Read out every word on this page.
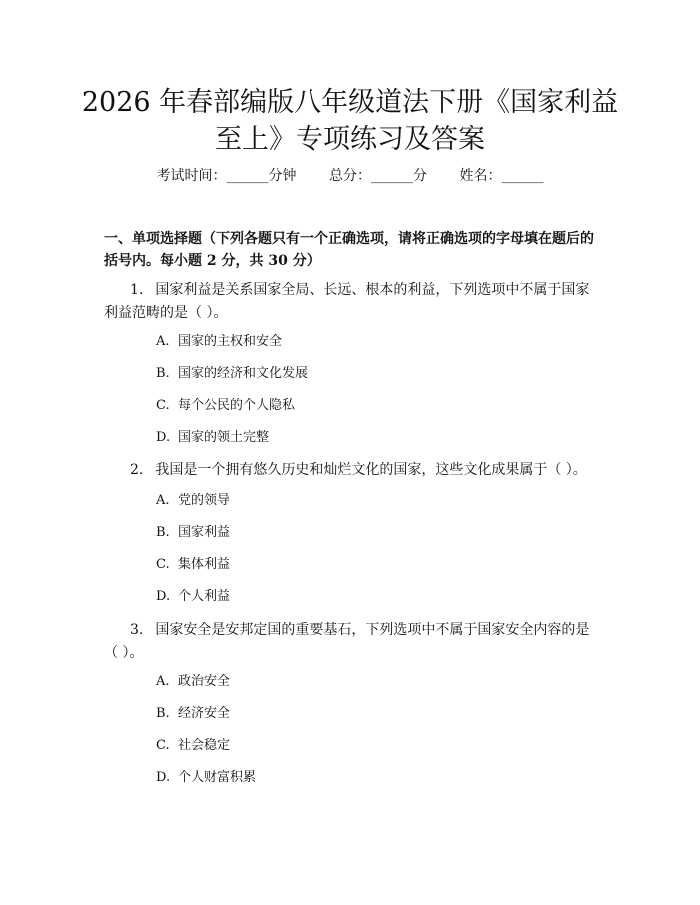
2026 年春部编版八年级道法下册《国家利益
至上》专项练习及答案
考试时间：______分钟 总分：______分 姓名：______
一、单项选择题（下列各题只有一个正确选项，请将正确选项的字母填在题后的括号内。每小题 2 分，共 30 分）
1. 国家利益是关系国家全局、长远、根本的利益，下列选项中不属于国家利益范畴的是（ ）。
A. 国家的主权和安全
B. 国家的经济和文化发展
C. 每个公民的个人隐私
D. 国家的领土完整
2. 我国是一个拥有悠久历史和灿烂文化的国家，这些文化成果属于（ ）。
A. 党的领导
B. 国家利益
C. 集体利益
D. 个人利益
3. 国家安全是安邦定国的重要基石，下列选项中不属于国家安全内容的是（ ）。
A. 政治安全
B. 经济安全
C. 社会稳定
D. 个人财富积累
